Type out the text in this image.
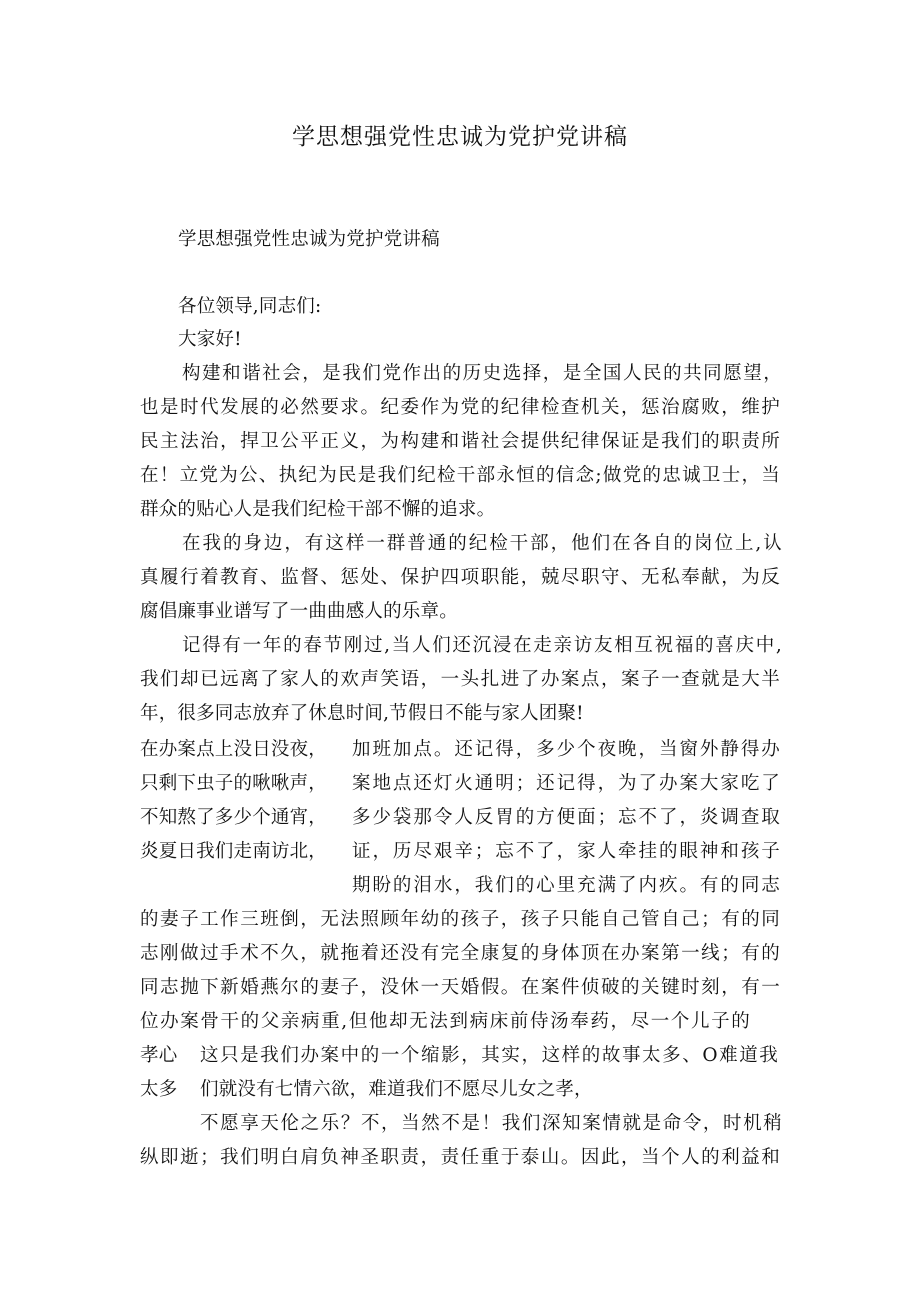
学思想强党性忠诚为党护党讲稿
学思想强党性忠诚为党护党讲稿
各位领导,同志们:
大家好!
构建和谐社会，是我们党作出的历史选择，是全国人民的共同愿望，
也是时代发展的必然要求。纪委作为党的纪律检查机关，惩治腐败，维护
民主法治，捍卫公平正义，为构建和谐社会提供纪律保证是我们的职责所
在！立党为公、执纪为民是我们纪检干部永恒的信念;做党的忠诚卫士，当
群众的贴心人是我们纪检干部不懈的追求。
在我的身边，有这样一群普通的纪检干部，他们在各自的岗位上,认
真履行着教育、监督、惩处、保护四项职能，兢尽职守、无私奉献，为反
腐倡廉事业谱写了一曲曲感人的乐章。
记得有一年的春节刚过,当人们还沉浸在走亲访友相互祝福的喜庆中,
我们却已远离了家人的欢声笑语，一头扎进了办案点，案子一查就是大半
年，很多同志放弃了休息时间,节假日不能与家人团聚!
在办案点上没日没夜，
只剩下虫子的啾啾声，
不知熬了多少个通宵，
炎夏日我们走南访北，
加班加点。还记得，多少个夜晚，当窗外静得办
案地点还灯火通明；还记得，为了办案大家吃了
多少袋那令人反胃的方便面；忘不了，炎调查取
证，历尽艰辛；忘不了，家人牵挂的眼神和孩子
期盼的泪水，我们的心里充满了内疚。有的同志
的妻子工作三班倒，无法照顾年幼的孩子，孩子只能自己管自己；有的同
志刚做过手术不久，就拖着还没有完全康复的身体顶在办案第一线；有的
同志抛下新婚燕尔的妻子，没休一天婚假。在案件侦破的关键时刻，有一
位办案骨干的父亲病重,但他却无法到病床前侍汤奉药，尽一个儿子的
孝心
太多
这只是我们办案中的一个缩影，其实，这样的故事太多、O难道我
们就没有七情六欲，难道我们不愿尽儿女之孝，
不愿享天伦之乐？不，当然不是！我们深知案情就是命令，时机稍
纵即逝；我们明白肩负神圣职责，责任重于泰山。因此，当个人的利益和
